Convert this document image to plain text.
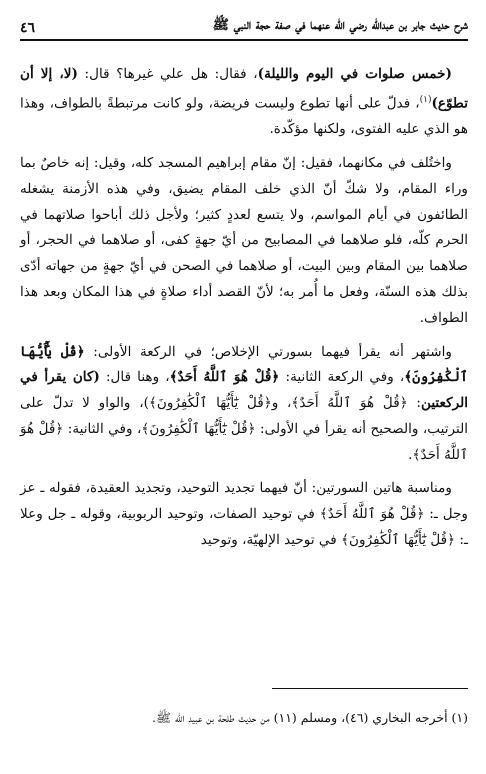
شرح حديث جابر بن عبدالله رضي الله عنهما في صفة حجة النبي ﷺ
٤٦

(خمس صلوات في اليوم والليلة)، فقال: هل علي غيرها؟ قال: (لا، إلا أن تطوّع)$^{(١)}$، فدلّ على أنها تطوع وليست فريضة، ولو كانت مرتبطةً بالطواف، وهذا هو الذي عليه الفتوى، ولكنها مؤكّدة.

واختُلف في مكانهما، فقيل: إنّ مقام إبراهيم المسجد كله، وقيل: إنه خاصٌ بما وراء المقام، ولا شكّ أنّ الذي خلف المقام يضيق، وفي هذه الأزمنة يشغله الطائفون في أيام المواسم، ولا يتسع لعددٍ كثير؛ ولأجل ذلك أباحوا صلاتهما في الحرم كلّه، فلو صلاهما في المصابيح من أيّ جهةٍ كفى، أو صلاهما في الحجر، أو صلاهما بين المقام وبين البيت، أو صلاهما في الصحن في أيّ جهةٍ من جهاته أدّى بذلك هذه السنّة، وفعل ما أُمر به؛ لأنّ القصد أداء صلاةٍ في هذا المكان وبعد هذا الطواف.

واشتهر أنه يقرأ فيهما بسورتي الإخلاص؛ في الركعة الأولى: ﴿قُلْ يَٰٓأَيُّهَا ٱلْكَٰفِرُونَ﴾، وفي الركعة الثانية: ﴿قُلْ هُوَ ٱللَّهُ أَحَدٌ﴾، وهنا قال: (كان يقرأ في الركعتين: ﴿قُلْ هُوَ ٱللَّهُ أَحَدٌ﴾، و﴿قُلْ يَٰٓأَيُّهَا ٱلْكَٰفِرُونَ﴾)، والواو لا تدلّ على الترتيب، والصحيح أنه يقرأ في الأولى: ﴿قُلْ يَٰٓأَيُّهَا ٱلْكَٰفِرُونَ﴾، وفي الثانية: ﴿قُلْ هُوَ ٱللَّهُ أَحَدٌ﴾.

ومناسبة هاتين السورتين: أنّ فيهما تجديد التوحيد، وتجديد العقيدة، فقوله ـ عز وجل ـ: ﴿قُلْ هُوَ ٱللَّهُ أَحَدٌ﴾ في توحيد الصفات، وتوحيد الربوبية، وقوله ـ جل وعلا ـ: ﴿قُلْ يَٰٓأَيُّهَا ٱلْكَٰفِرُونَ﴾ في توحيد الإلهيّة، وتوحيد

(١) أخرجه البخاري (٤٦)، ومسلم (١١) من حديث طلحة بن عبيد الله ﷺ.
